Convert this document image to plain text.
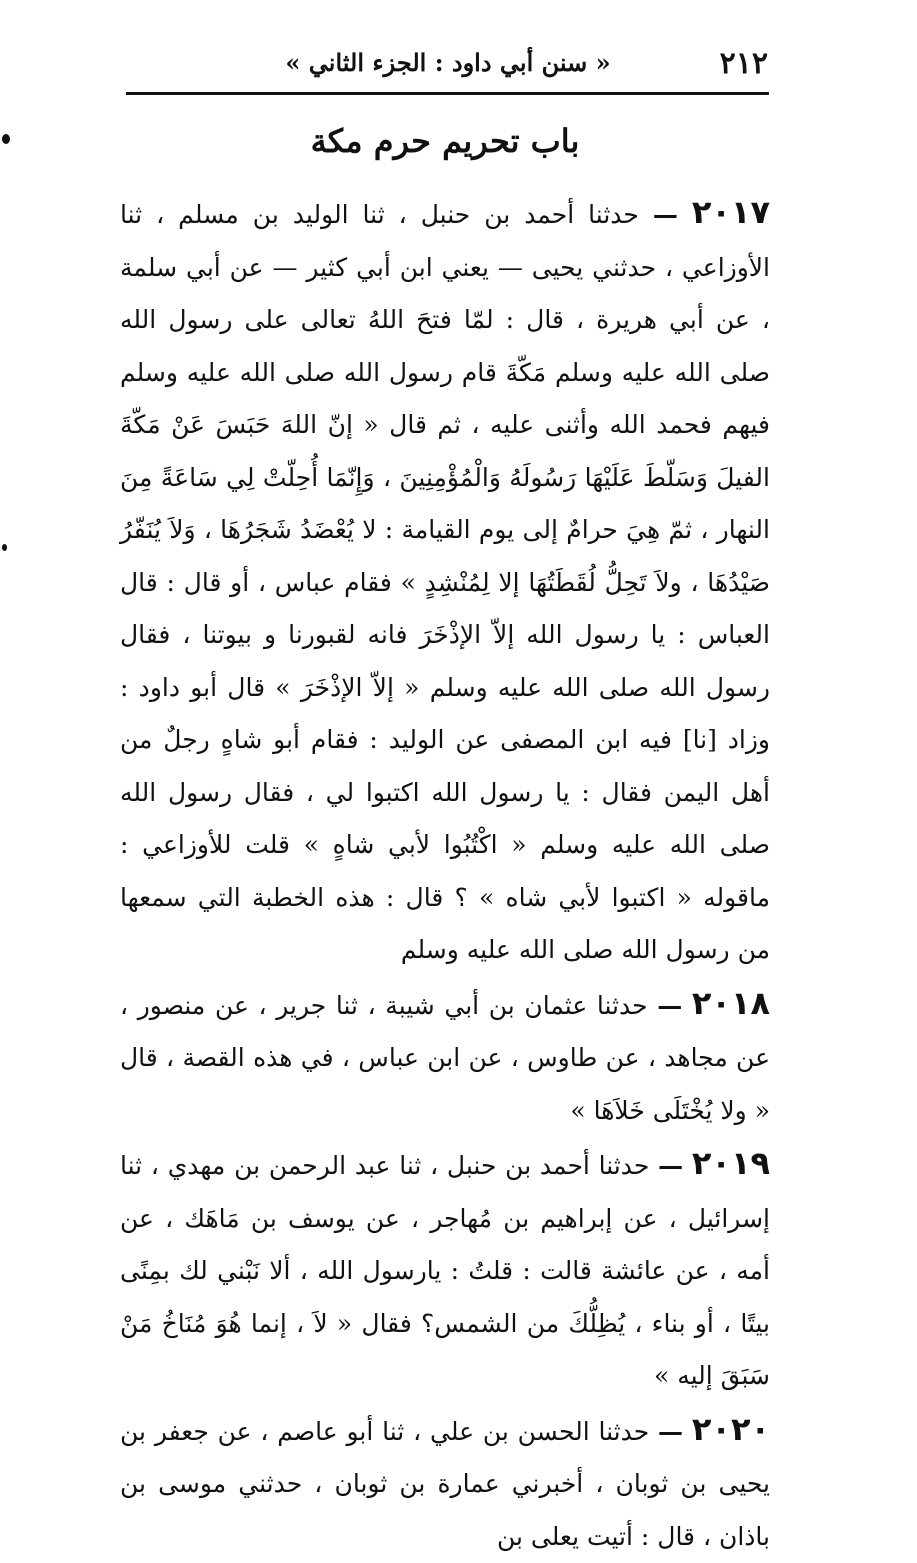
٢١٢
« سنن أبي داود : الجزء الثاني »
باب تحريم حرم مكة

٢٠١٧ — حدثنا أحمد بن حنبل ، ثنا الوليد بن مسلم ، ثنا الأوزاعي ، حدثني يحيى — يعني ابن أبي كثير — عن أبي سلمة ، عن أبي هريرة ، قال : لمّا فتحَ اللهُ تعالى على رسول الله صلى الله عليه وسلم مَكّةَ قام رسول الله صلى الله عليه وسلم فيهم فحمد الله وأثنى عليه ، ثم قال « إنّ اللهَ حَبَسَ عَنْ مَكّةَ الفيلَ وَسَلّطَ عَلَيْهَا رَسُولَهُ وَالْمُؤْمِنِينَ ، وَإِنّمَا أُحِلّتْ لِي سَاعَةً مِنَ النهار ، ثمّ هِيَ حرامٌ إلى يوم القيامة : لا يُعْضَدُ شَجَرُهَا ، وَلاَ يُنَفّرُ صَيْدُهَا ، ولاَ تَحِلُّ لُقَطَتُهَا إلا لِمُنْشِدٍ » فقام عباس ، أو قال : قال العباس : يا رسول الله إلاّ الإذْخَرَ فانه لقبورنا و بيوتنا ، فقال رسول الله صلى الله عليه وسلم « إلاّ الإذْخَرَ » قال أبو داود : وزاد [نا] فيه ابن المصفى عن الوليد : فقام أبو شاهٍ رجلٌ من أهل اليمن فقال : يا رسول الله اكتبوا لي ، فقال رسول الله صلى الله عليه وسلم « اكْتُبُوا لأبي شاهٍ » قلت للأوزاعي : ماقوله « اكتبوا لأبي شاه » ؟ قال : هذه الخطبة التي سمعها من رسول الله صلى الله عليه وسلم

٢٠١٨ — حدثنا عثمان بن أبي شيبة ، ثنا جرير ، عن منصور ، عن مجاهد ، عن طاوس ، عن ابن عباس ، في هذه القصة ، قال « ولا يُخْتَلَى خَلاَهَا »

٢٠١٩ — حدثنا أحمد بن حنبل ، ثنا عبد الرحمن بن مهدي ، ثنا إسرائيل ، عن إبراهيم بن مُهاجر ، عن يوسف بن مَاهَك ، عن أمه ، عن عائشة قالت : قلتُ : يارسول الله ، ألا نَبْني لك بمِنًى بيتًا ، أو بناء ، يُظِلُّكَ من الشمس؟ فقال « لاَ ، إنما هُوَ مُنَاخُ مَنْ سَبَقَ إليه »

٢٠٢٠ — حدثنا الحسن بن علي ، ثنا أبو عاصم ، عن جعفر بن يحيى بن ثوبان ، أخبرني عمارة بن ثوبان ، حدثني موسى بن باذان ، قال : أتيت يعلى بن
